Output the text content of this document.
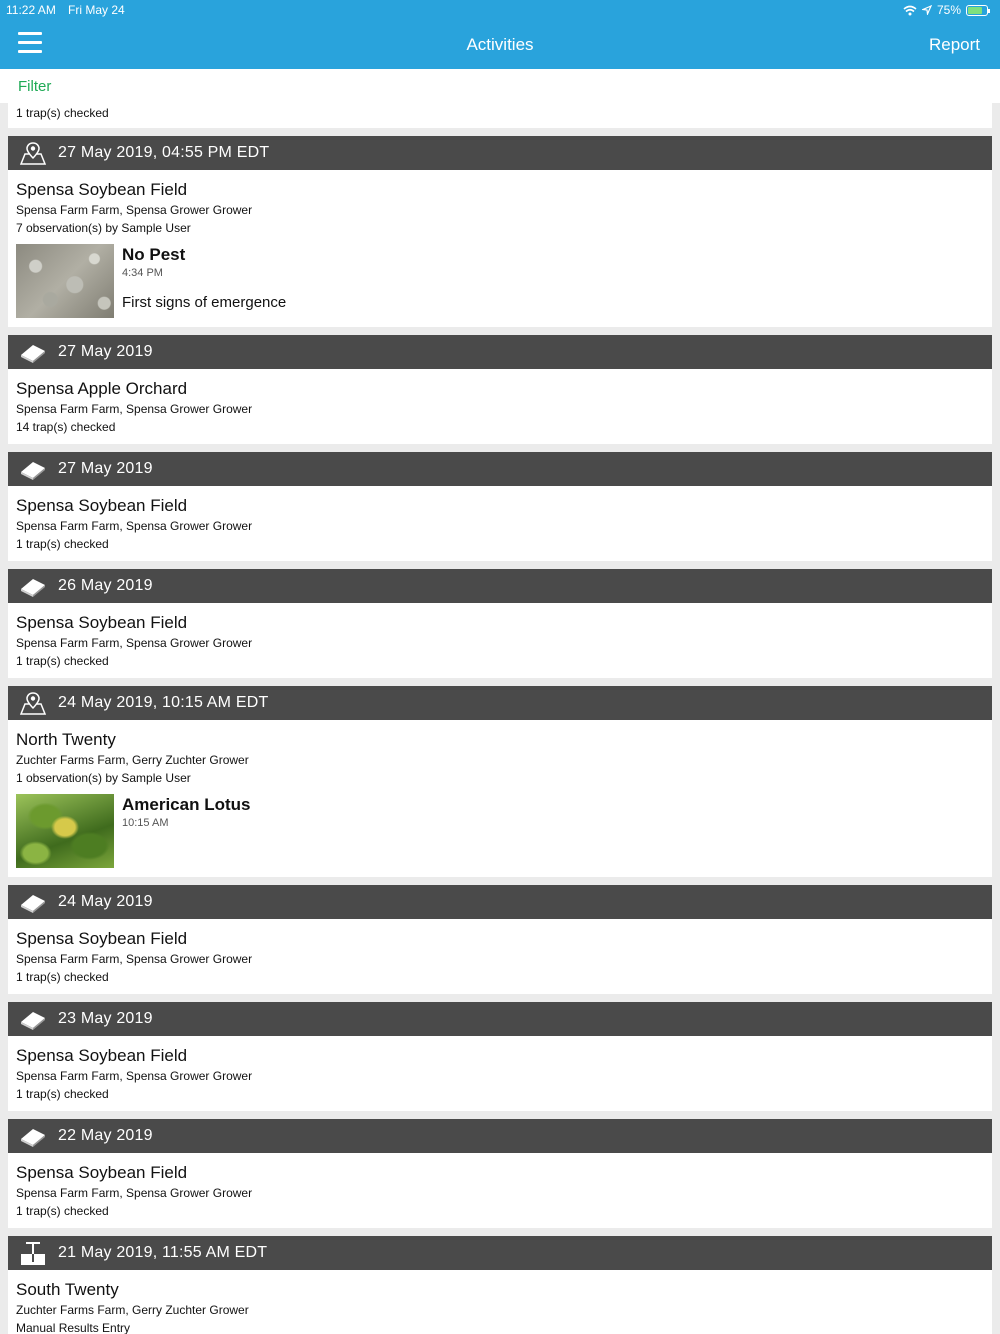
11:22 AM Fri May 24	75%
Activities	Report
Filter
1 trap(s) checked
27 May 2019, 04:55 PM EDT
Spensa Soybean Field
Spensa Farm Farm, Spensa Grower Grower
7 observation(s) by Sample User
No Pest
4:34 PM
First signs of emergence
27 May 2019
Spensa Apple Orchard
Spensa Farm Farm, Spensa Grower Grower
14 trap(s) checked
27 May 2019
Spensa Soybean Field
Spensa Farm Farm, Spensa Grower Grower
1 trap(s) checked
26 May 2019
Spensa Soybean Field
Spensa Farm Farm, Spensa Grower Grower
1 trap(s) checked
24 May 2019, 10:15 AM EDT
North Twenty
Zuchter Farms Farm, Gerry Zuchter Grower
1 observation(s) by Sample User
American Lotus
10:15 AM
24 May 2019
Spensa Soybean Field
Spensa Farm Farm, Spensa Grower Grower
1 trap(s) checked
23 May 2019
Spensa Soybean Field
Spensa Farm Farm, Spensa Grower Grower
1 trap(s) checked
22 May 2019
Spensa Soybean Field
Spensa Farm Farm, Spensa Grower Grower
1 trap(s) checked
21 May 2019, 11:55 AM EDT
South Twenty
Zuchter Farms Farm, Gerry Zuchter Grower
Manual Results Entry
